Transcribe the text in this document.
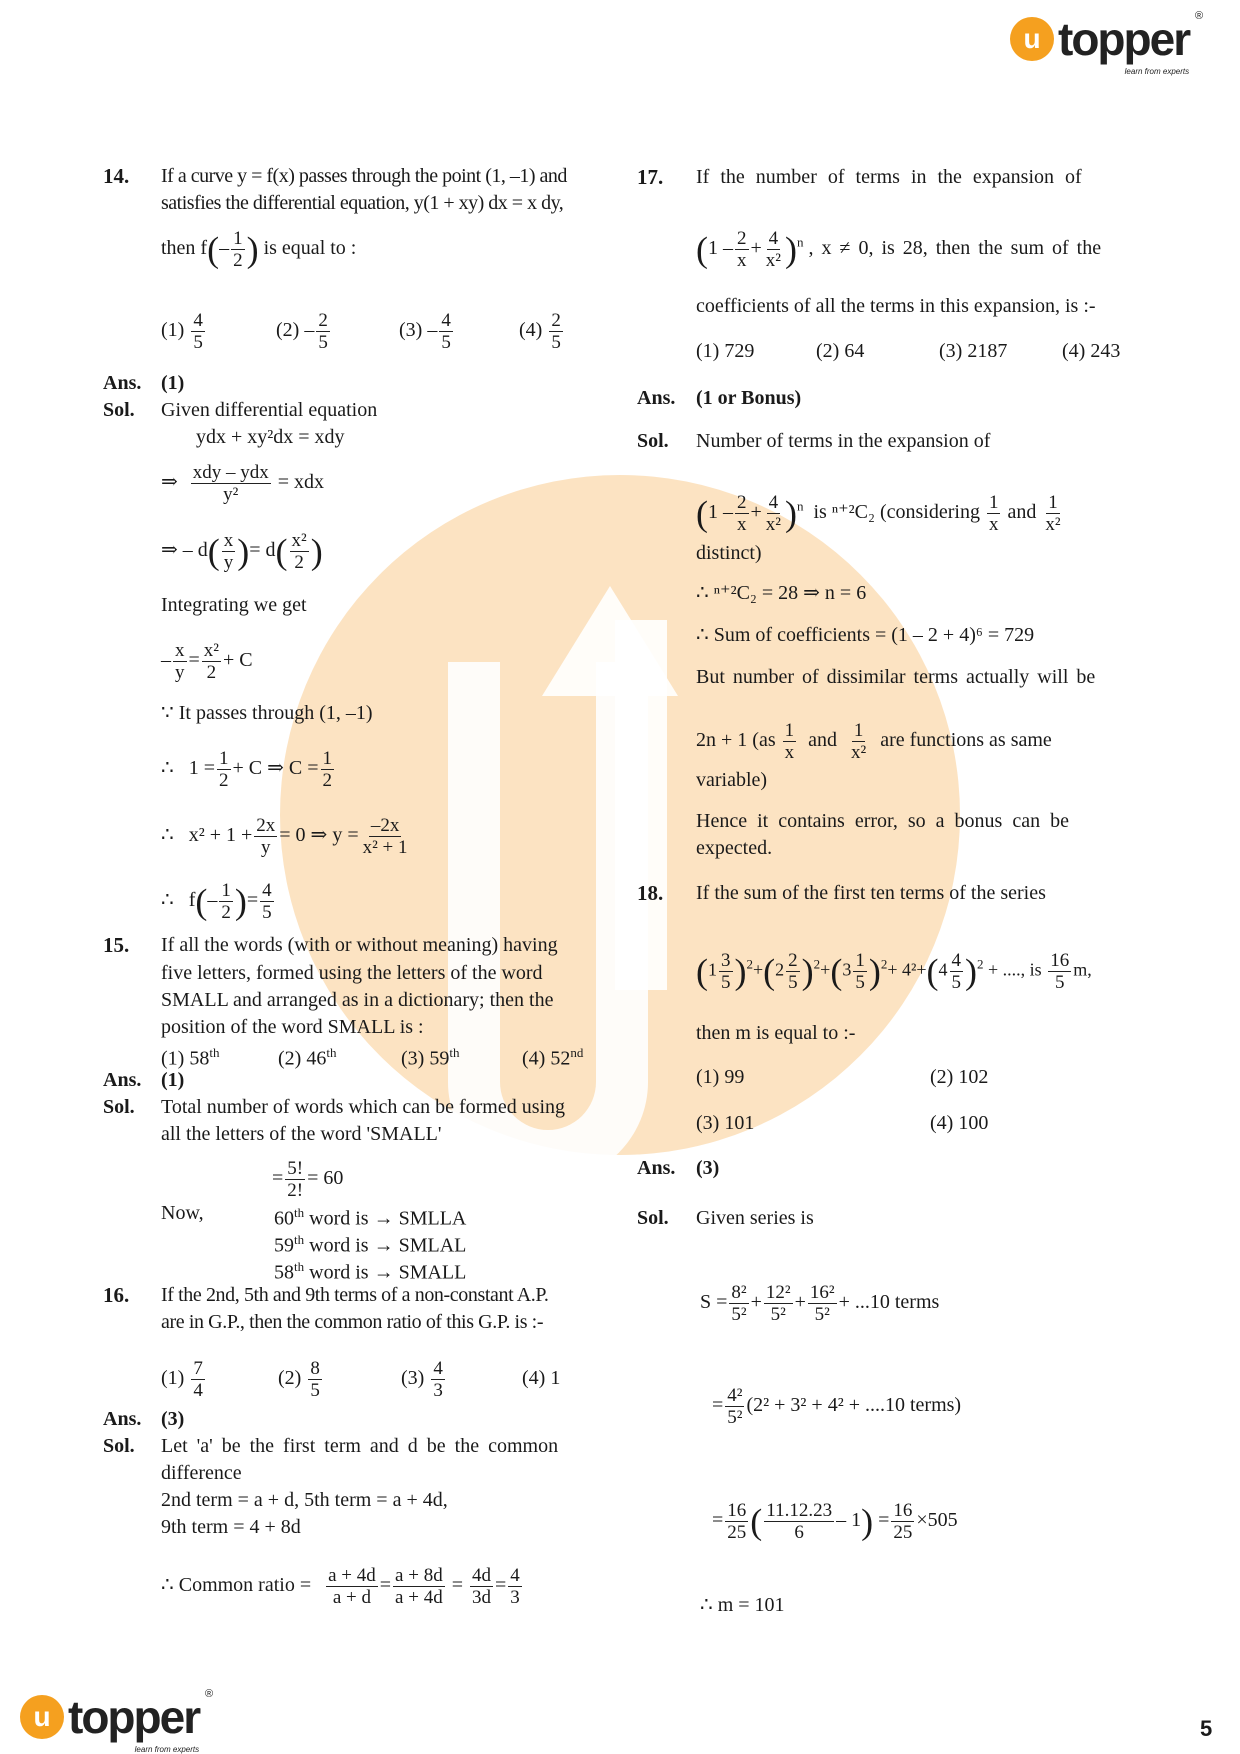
u topper ®
learn from experts
14. If a curve y = f(x) passes through the point (1, –1) and
satisfies the differential equation, y(1 + xy) dx = x dy,
then $f(- \frac{1}{2}$ ) is equal to :
$(1) \frac{4}{5}$	$(2) - \frac{2}{5}$	$(3) - \frac{4}{5}$	$(4) \frac{2}{5}$
Ans. (1)
Sol. Given differential equation
ydx + xy²dx = xdy
⇒ $\frac{\text{xdy – ydx}}{\text{y²}}$ = xdx
⇒ – $d( \frac{x}{y}$ )= $d( \frac{\text{x²}}{2}$ )
Integrating we get
– $\frac{x}{y} = \frac{\text{x²}}{2} + C$
∵ It passes through (1, –1)
∴   $1 = \frac{1}{2} + C$ ⇒ $C = \frac{1}{2}$
∴   $x^2 + 1 + \frac{2x}{y} = 0$ ⇒ $y = \frac{-2x}{\text{x² + 1}}$
∴   $f(- \frac{1}{2}$ )= $\frac{4}{5}$
15. If all the words (with or without meaning) having
five letters, formed using the letters of the word
SMALL and arranged as in a dictionary; then the
position of the word SMALL is :
(1) 58th	(2) 46th	(3) 59th	(4) 52nd
Ans. (1)
Sol. Total number of words which can be formed using
all the letters of the word 'SMALL'
= $\frac{5!}{2!} = 60$
Now,	60th word is → SMLLA
59th word is → SMLAL
58th word is → SMALL
16. If the 2nd, 5th and 9th terms of a non-constant A.P.
are in G.P., then the common ratio of this G.P. is :-
$(1) \frac{7}{4}$	$(2) \frac{8}{5}$	$(3) \frac{4}{3}$	(4) 1
Ans. (3)
Sol. Let 'a' be the first term and d be the common
difference
2nd term = a + d, 5th term = a + 4d,
9th term = 4 + 8d
∴ Common ratio = $\frac{a + 4d}{a + d} = \frac{a + 8d}{a + 4d} = \frac{4d}{3d} = \frac{4}{3}$
17. If the number of terms in the expansion of
$(1 - \frac{2}{x} + \frac{4}{\text{x²}} )^n$ , x ≠ 0, is 28, then the sum of the
coefficients of all the terms in this expansion, is :-
(1) 729	(2) 64	(3) 2187	(4) 243
Ans. (1 or Bonus)
Sol. Number of terms in the expansion of
$(1 - \frac{2}{x} + \frac{4}{\text{x²}} )^n$ is ⁿ⁺²C₂ (considering $\frac{1}{x}$ and $\frac{1}{\text{x²}}$
distinct)
∴ ⁿ⁺²C₂ = 28 ⇒ n = 6
∴ Sum of coefficients = (1 – 2 + 4)⁶ = 729
But number of dissimilar terms actually will be
2n + 1 ($as \frac{1}{x}$ and $\frac{1}{\text{x²}}$ are functions as same
variable)
Hence it contains error, so a bonus can be
expected.
18. If the sum of the first ten terms of the series
$(1 \frac{3}{5} )^2+(2 \frac{2}{5} )^2+(3 \frac{1}{5} )^2+ 4^2+(4 \frac{4}{5} )^2$ + ...., is $\frac{16}{5} m$,
then m is equal to :-
(1) 99	(2) 102
(3) 101	(4) 100
Ans. (3)
Sol. Given series is
$S = \frac{\text{8²}}{\text{5²}} + \frac{\text{12²}}{\text{5²}} + \frac{\text{16²}}{\text{5²}} + ...10$ terms
= $\frac{\text{4²}}{\text{5²}} (2^2 + 3^2 + 4^2 + ....10$ terms)
= $\frac{16}{25}$ ( $\frac{11.12.23}{6} - 1) = \frac{16}{25} \times 505$
∴ m = 101
u topper ®
learn from experts
5
